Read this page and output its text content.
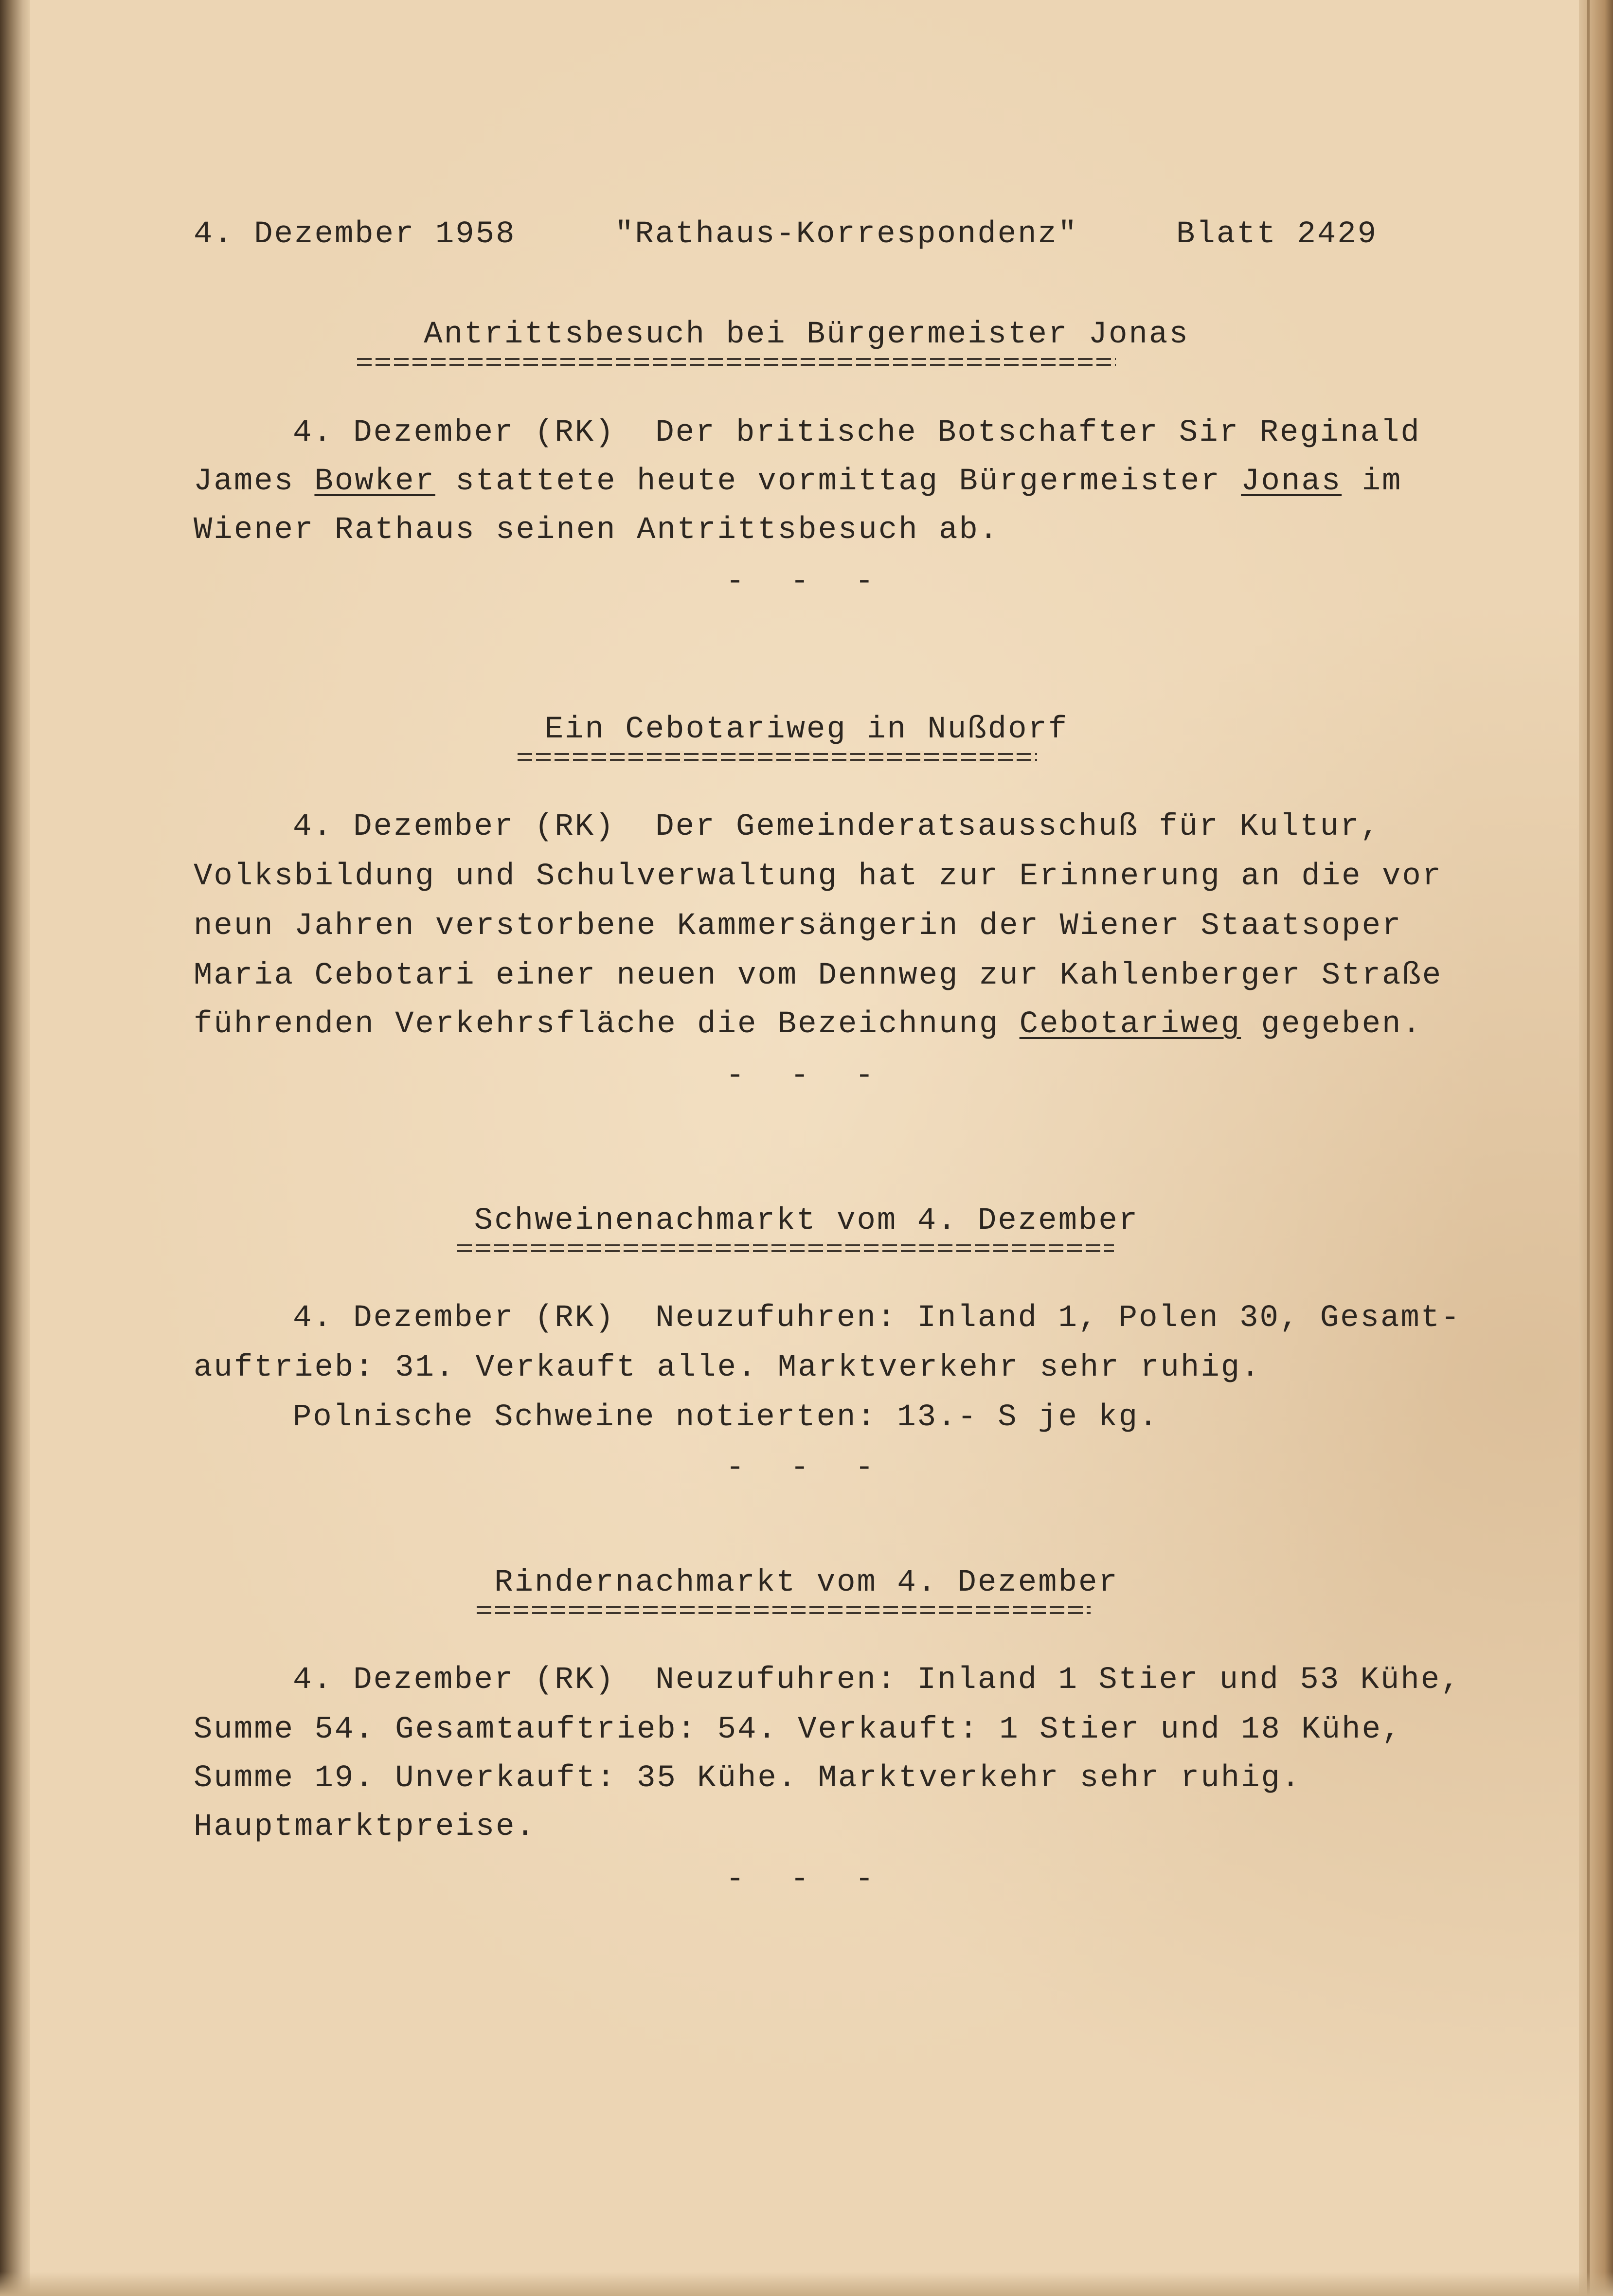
4. Dezember 1958	"Rathaus-Korrespondenz"	Blatt 2429
Antrittsbesuch bei Bürgermeister Jonas
4. Dezember (RK)  Der britische Botschafter Sir Reginald
James Bowker stattete heute vormittag Bürgermeister Jonas im
Wiener Rathaus seinen Antrittsbesuch ab.
- - -
Ein Cebotariweg in Nußdorf
4. Dezember (RK)  Der Gemeinderatsausschuß für Kultur,
Volksbildung und Schulverwaltung hat zur Erinnerung an die vor
neun Jahren verstorbene Kammersängerin der Wiener Staatsoper
Maria Cebotari einer neuen vom Dennweg zur Kahlenberger Straße
führenden Verkehrsfläche die Bezeichnung Cebotariweg gegeben.
- - -
Schweinenachmarkt vom 4. Dezember
4. Dezember (RK)  Neuzufuhren: Inland 1, Polen 30, Gesamt-
auftrieb: 31. Verkauft alle. Marktverkehr sehr ruhig.
Polnische Schweine notierten: 13.- S je kg.
- - -
Rindernachmarkt vom 4. Dezember
4. Dezember (RK)  Neuzufuhren: Inland 1 Stier und 53 Kühe,
Summe 54. Gesamtauftrieb: 54. Verkauft: 1 Stier und 18 Kühe,
Summe 19. Unverkauft: 35 Kühe. Marktverkehr sehr ruhig.
Hauptmarktpreise.
- - -
